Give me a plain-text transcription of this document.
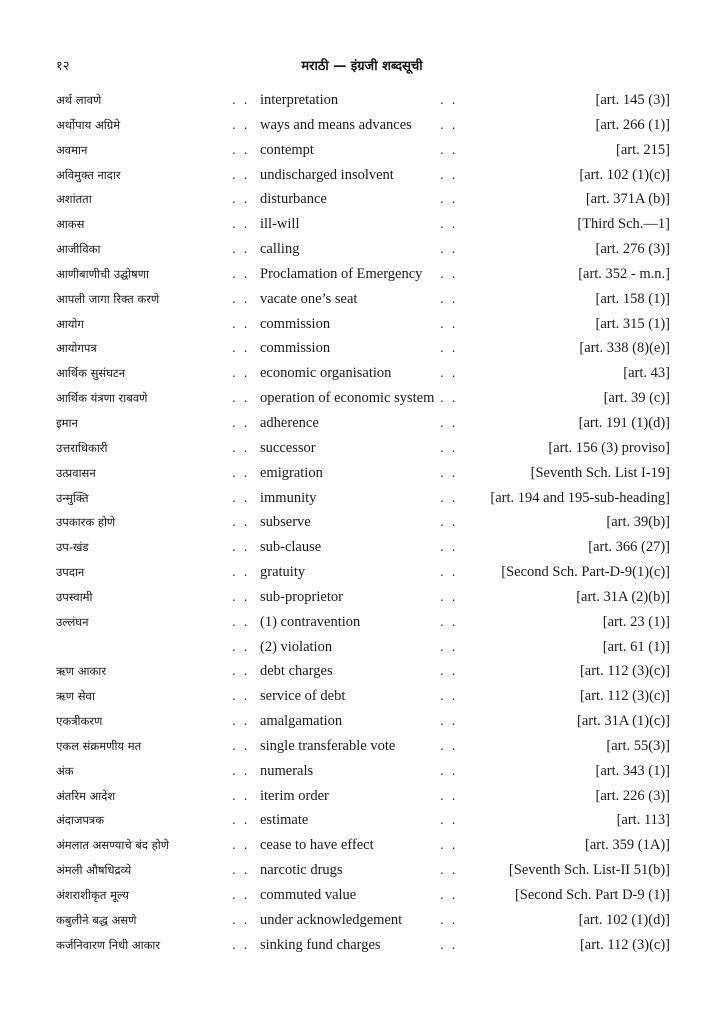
१२	मराठी — इंग्रजी शब्दसूची
अर्थ लावणे	. . interpretation	. .	[art. 145 (3)]
अर्थोपाय अग्रिमे	. . ways and means advances . .	[art. 266 (1)]
अवमान	. . contempt	. .	[art. 215]
अविमुक्त नादार	. . undischarged insolvent	. .	[art. 102 (1)(c)]
अशांतता	. . disturbance	. .	[art. 371A (b)]
आकस	. . ill-will	. .	[Third Sch.—1]
आजीविका	. . calling	. .	[art. 276 (3)]
आणीबाणीची उद्घोषणा	. . Proclamation of Emergency . .	[art. 352 - m.n.]
आपली जागा रिक्त करणे	. . vacate one’s seat	. .	[art. 158 (1)]
आयोग	. . commission	. .	[art. 315 (1)]
आयोगपत्र	. . commission	. .	[art. 338 (8)(e)]
आर्थिक सुसंघटन	. . economic organisation	. .	[art. 43]
आर्थिक यंत्रणा राबवणे	. . operation of economic system . .	[art. 39 (c)]
इमान	. . adherence	. .	[art. 191 (1)(d)]
उत्तराधिकारी	. . successor	. .	[art. 156 (3) proviso]
उत्प्रवासन	. . emigration	. .	[Seventh Sch. List I-19]
उन्मुक्ति	. . immunity	. . [art. 194 and 195-sub-heading]
उपकारक होणे	. . subserve	. .	[art. 39(b)]
उप-खंड	. . sub-clause	. .	[art. 366 (27)]
उपदान	. . gratuity	. .	[Second Sch. Part-D-9(1)(c)]
उपस्वामी	. . sub-proprietor	. .	[art. 31A (2)(b)]
उल्लंघन	. . (1) contravention	. .	[art. 23 (1)]
. . (2) violation	. .	[art. 61 (1)]
ऋण आकार	. . debt charges	. .	[art. 112 (3)(c)]
ऋण सेवा	. . service of debt	. .	[art. 112 (3)(c)]
एकत्रीकरण	. . amalgamation	. .	[art. 31A (1)(c)]
एकल संक्रमणीय मत	. . single transferable vote	. .	[art. 55(3)]
अंक	. . numerals	. .	[art. 343 (1)]
अंतरिम आदेश	. . iterim order	. .	[art. 226 (3)]
अंदाजपत्रक	. . estimate	. .	[art. 113]
अंमलात असण्याचे बंद होणे	. . cease to have effect	. .	[art. 359 (1A)]
अंमली औषधिद्रव्ये	. . narcotic drugs	. .	[Seventh Sch. List-II 51(b)]
अंशराशीकृत मूल्य	. . commuted value	. .	[Second Sch. Part D-9 (1)]
कबुलीने बद्ध असणे	. . under acknowledgement	. .	[art. 102 (1)(d)]
कर्जनिवारण निधी आकार	. . sinking fund charges	. .	[art. 112 (3)(c)]
